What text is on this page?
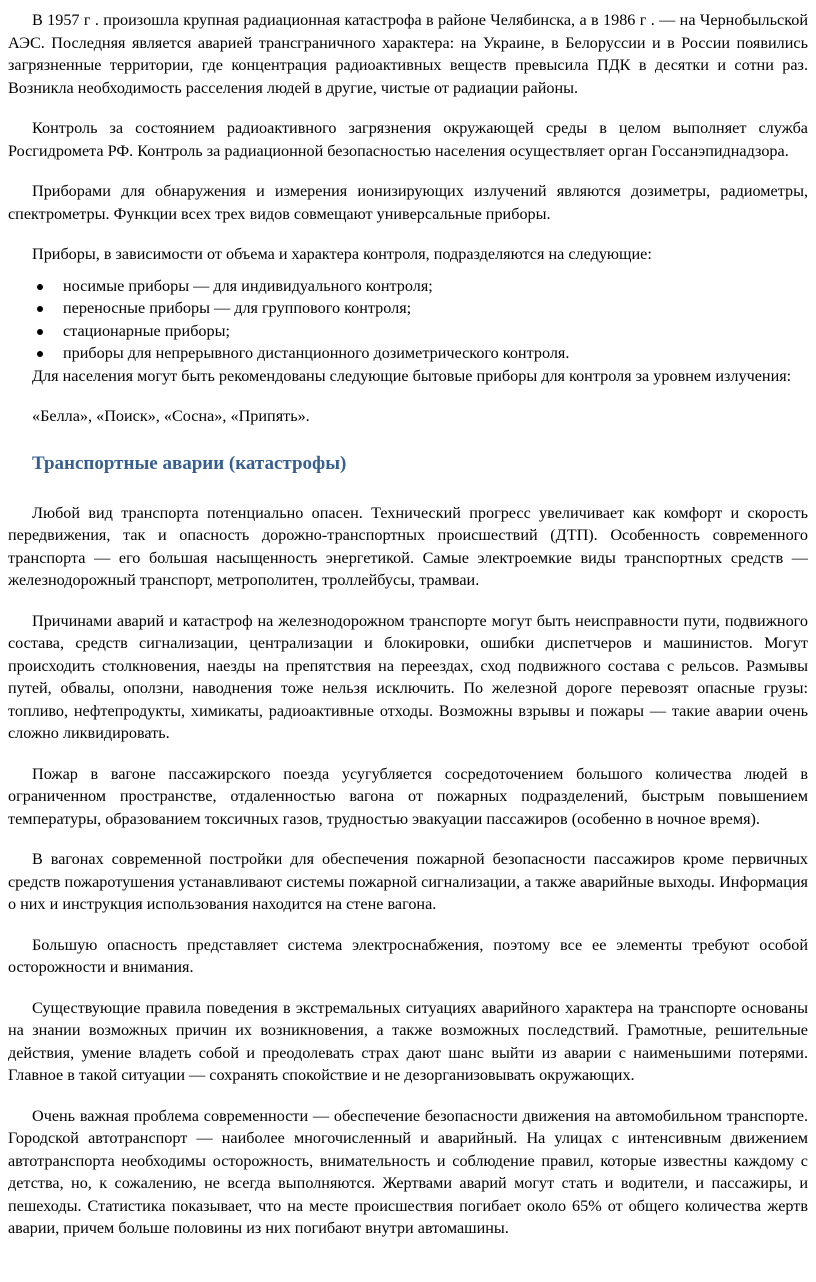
В 1957 г . произошла крупная радиационная катастрофа в районе Челябинска, а в 1986 г . — на Чернобыльской АЭС. Последняя является аварией трансграничного характера: на Украине, в Белоруссии и в России появились загрязненные территории, где концентрация радиоактивных веществ превысила ПДК в десятки и сотни раз. Возникла необходимость расселения людей в другие, чистые от радиации районы.

Контроль за состоянием радиоактивного загрязнения окружающей среды в целом выполняет служба Росгидромета РФ. Контроль за радиационной безопасностью населения осуществляет орган Госсанэпиднадзора.

Приборами для обнаружения и измерения ионизирующих излучений являются дозиметры, радиометры, спектрометры. Функции всех трех видов совмещают универсальные приборы.

Приборы, в зависимости от объема и характера контроля, подразделяются на следующие:

носимые приборы — для индивидуального контроля;
переносные приборы — для группового контроля;
стационарные приборы;
приборы для непрерывного дистанционного дозиметрического контроля.

Для населения могут быть рекомендованы следующие бытовые приборы для контроля за уровнем излучения:

«Белла», «Поиск», «Сосна», «Припять».

Транспортные аварии (катастрофы)

Любой вид транспорта потенциально опасен. Технический прогресс увеличивает как комфорт и скорость передвижения, так и опасность дорожно-транспортных происшествий (ДТП). Особенность современного транспорта — его большая насыщенность энергетикой. Самые электроемкие виды транспортных средств — железнодорожный транспорт, метрополитен, троллейбусы, трамваи.

Причинами аварий и катастроф на железнодорожном транспорте могут быть неисправности пути, подвижного состава, средств сигнализации, централизации и блокировки, ошибки диспетчеров и машинистов. Могут происходить столкновения, наезды на препятствия на переездах, сход подвижного состава с рельсов. Размывы путей, обвалы, оползни, наводнения тоже нельзя исключить. По железной дороге перевозят опасные грузы: топливо, нефтепродукты, химикаты, радиоактивные отходы. Возможны взрывы и пожары — такие аварии очень сложно ликвидировать.

Пожар в вагоне пассажирского поезда усугубляется сосредоточением большого количества людей в ограниченном пространстве, отдаленностью вагона от пожарных подразделений, быстрым повышением температуры, образованием токсичных газов, трудностью эвакуации пассажиров (особенно в ночное время).

В вагонах современной постройки для обеспечения пожарной безопасности пассажиров кроме первичных средств пожаротушения устанавливают системы пожарной сигнализации, а также аварийные выходы. Информация о них и инструкция использования находится на стене вагона.

Большую опасность представляет система электроснабжения, поэтому все ее элементы требуют особой осторожности и внимания.

Существующие правила поведения в экстремальных ситуациях аварийного характера на транспорте основаны на знании возможных причин их возникновения, а также возможных последствий. Грамотные, решительные действия, умение владеть собой и преодолевать страх дают шанс выйти из аварии с наименьшими потерями. Главное в такой ситуации — сохранять спокойствие и не дезорганизовывать окружающих.

Очень важная проблема современности — обеспечение безопасности движения на автомобильном транспорте. Городской автотранспорт — наиболее многочисленный и аварийный. На улицах с интенсивным движением автотранспорта необходимы осторожность, внимательность и соблюдение правил, которые известны каждому с детства, но, к сожалению, не всегда выполняются. Жертвами аварий могут стать и водители, и пассажиры, и пешеходы. Статистика показывает, что на месте происшествия погибает около 65% от общего количества жертв аварии, причем больше половины из них погибают внутри автомашины.
